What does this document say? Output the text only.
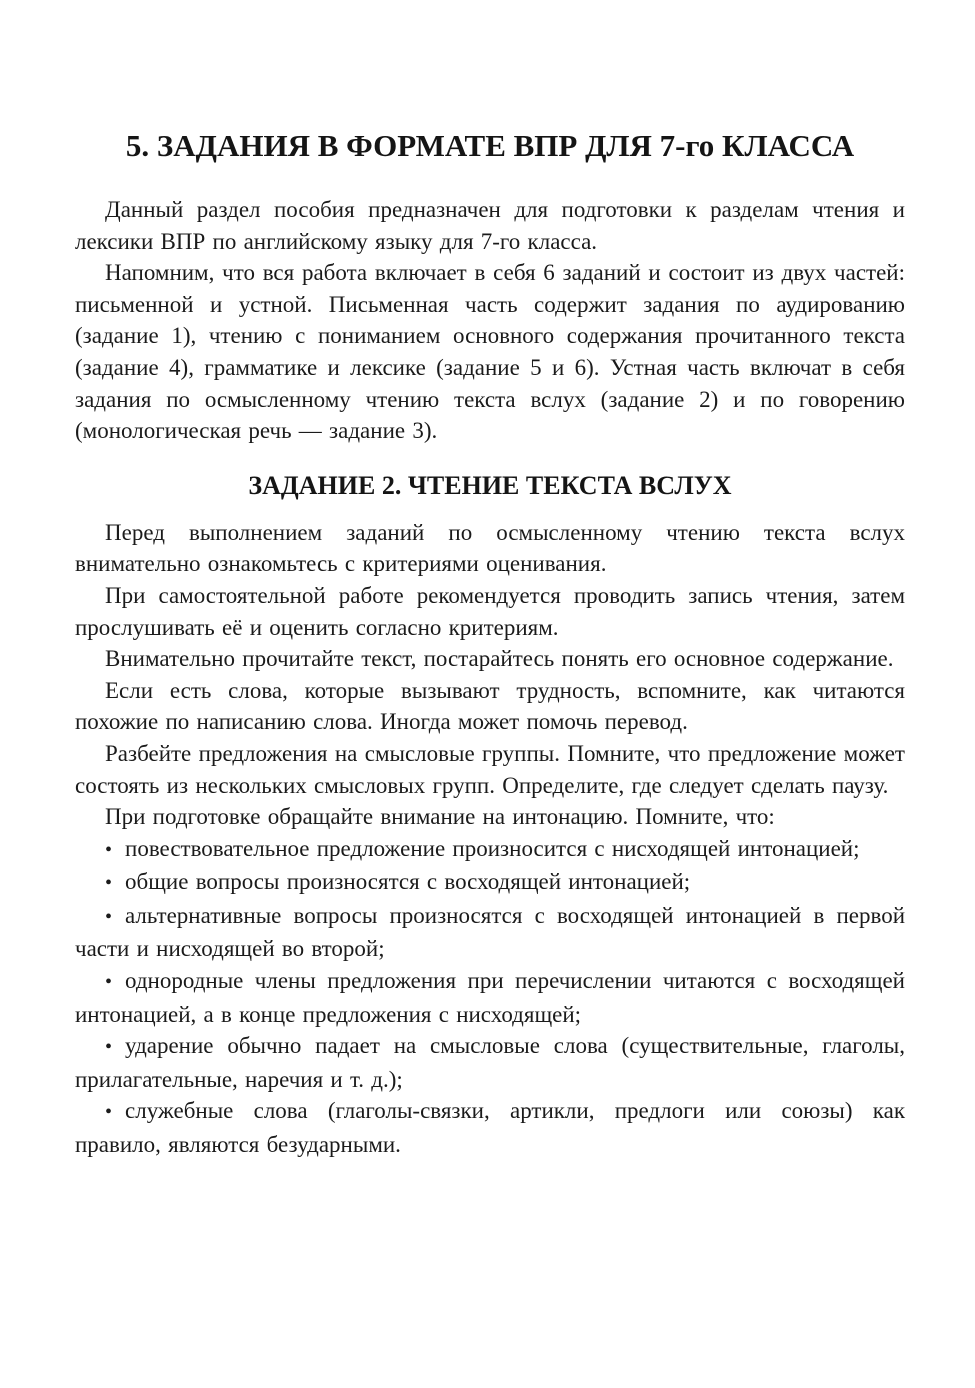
5. ЗАДАНИЯ В ФОРМАТЕ ВПР ДЛЯ 7-го КЛАССА

Данный раздел пособия предназначен для подготовки к разделам чтения и лексики ВПР по английскому языку для 7-го класса.

Напомним, что вся работа включает в себя 6 заданий и состоит из двух частей: письменной и устной. Письменная часть содержит задания по аудированию (задание 1), чтению с пониманием основного содержания прочитанного текста (задание 4), грамматике и лексике (задание 5 и 6). Устная часть включат в себя задания по осмысленному чтению текста вслух (задание 2) и по говорению (монологическая речь — задание 3).

ЗАДАНИЕ 2. ЧТЕНИЕ ТЕКСТА ВСЛУХ

Перед выполнением заданий по осмысленному чтению текста вслух внимательно ознакомьтесь с критериями оценивания.

При самостоятельной работе рекомендуется проводить запись чтения, затем прослушивать её и оценить согласно критериям.

Внимательно прочитайте текст, постарайтесь понять его основное содержание.

Если есть слова, которые вызывают трудность, вспомните, как читаются похожие по написанию слова. Иногда может помочь перевод.

Разбейте предложения на смысловые группы. Помните, что предложение может состоять из нескольких смысловых групп. Определите, где следует сделать паузу.

При подготовке обращайте внимание на интонацию. Помните, что:

• повествовательное предложение произносится с нисходящей интонацией;

• общие вопросы произносятся с восходящей интонацией;

• альтернативные вопросы произносятся с восходящей интонацией в первой части и нисходящей во второй;

• однородные члены предложения при перечислении читаются с восходящей интонацией, а в конце предложения с нисходящей;

• ударение обычно падает на смысловые слова (существительные, глаголы, прилагательные, наречия и т. д.);

• служебные слова (глаголы-связки, артикли, предлоги или союзы) как правило, являются безударными.
